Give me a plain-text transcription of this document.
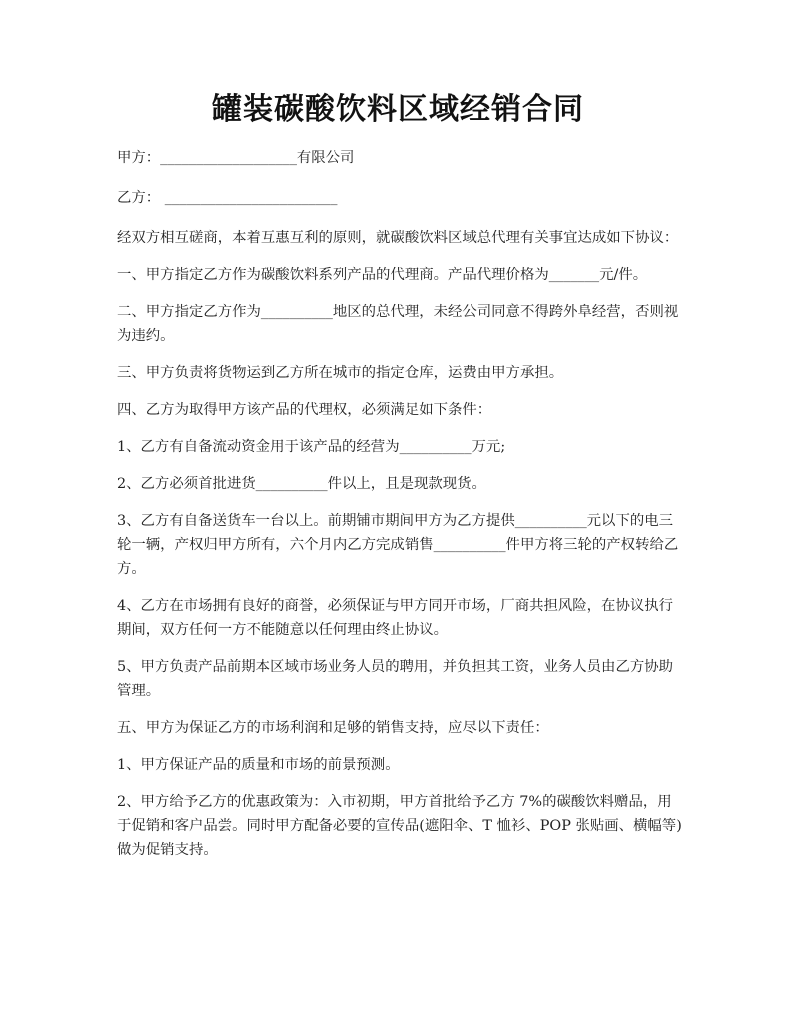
罐装碳酸饮料区域经销合同

甲方：___________________有限公司

乙方： ________________________

经双方相互磋商，本着互惠互利的原则，就碳酸饮料区域总代理有关事宜达成如下协议：

一、甲方指定乙方作为碳酸饮料系列产品的代理商。产品代理价格为_______元/件。

二、甲方指定乙方作为__________地区的总代理，未经公司同意不得跨外阜经营，否则视为违约。

三、甲方负责将货物运到乙方所在城市的指定仓库，运费由甲方承担。

四、乙方为取得甲方该产品的代理权，必须满足如下条件：

1、乙方有自备流动资金用于该产品的经营为__________万元;

2、乙方必须首批进货__________件以上，且是现款现货。

3、乙方有自备送货车一台以上。前期铺市期间甲方为乙方提供__________元以下的电三轮一辆，产权归甲方所有，六个月内乙方完成销售__________件甲方将三轮的产权转给乙方。

4、乙方在市场拥有良好的商誉，必须保证与甲方同开市场，厂商共担风险，在协议执行期间，双方任何一方不能随意以任何理由终止协议。

5、甲方负责产品前期本区域市场业务人员的聘用，并负担其工资，业务人员由乙方协助管理。

五、甲方为保证乙方的市场利润和足够的销售支持，应尽以下责任：

1、甲方保证产品的质量和市场的前景预测。

2、甲方给予乙方的优惠政策为：入市初期，甲方首批给予乙方 7%的碳酸饮料赠品，用于促销和客户品尝。同时甲方配备必要的宣传品(遮阳伞、T 恤衫、POP 张贴画、横幅等)做为促销支持。
